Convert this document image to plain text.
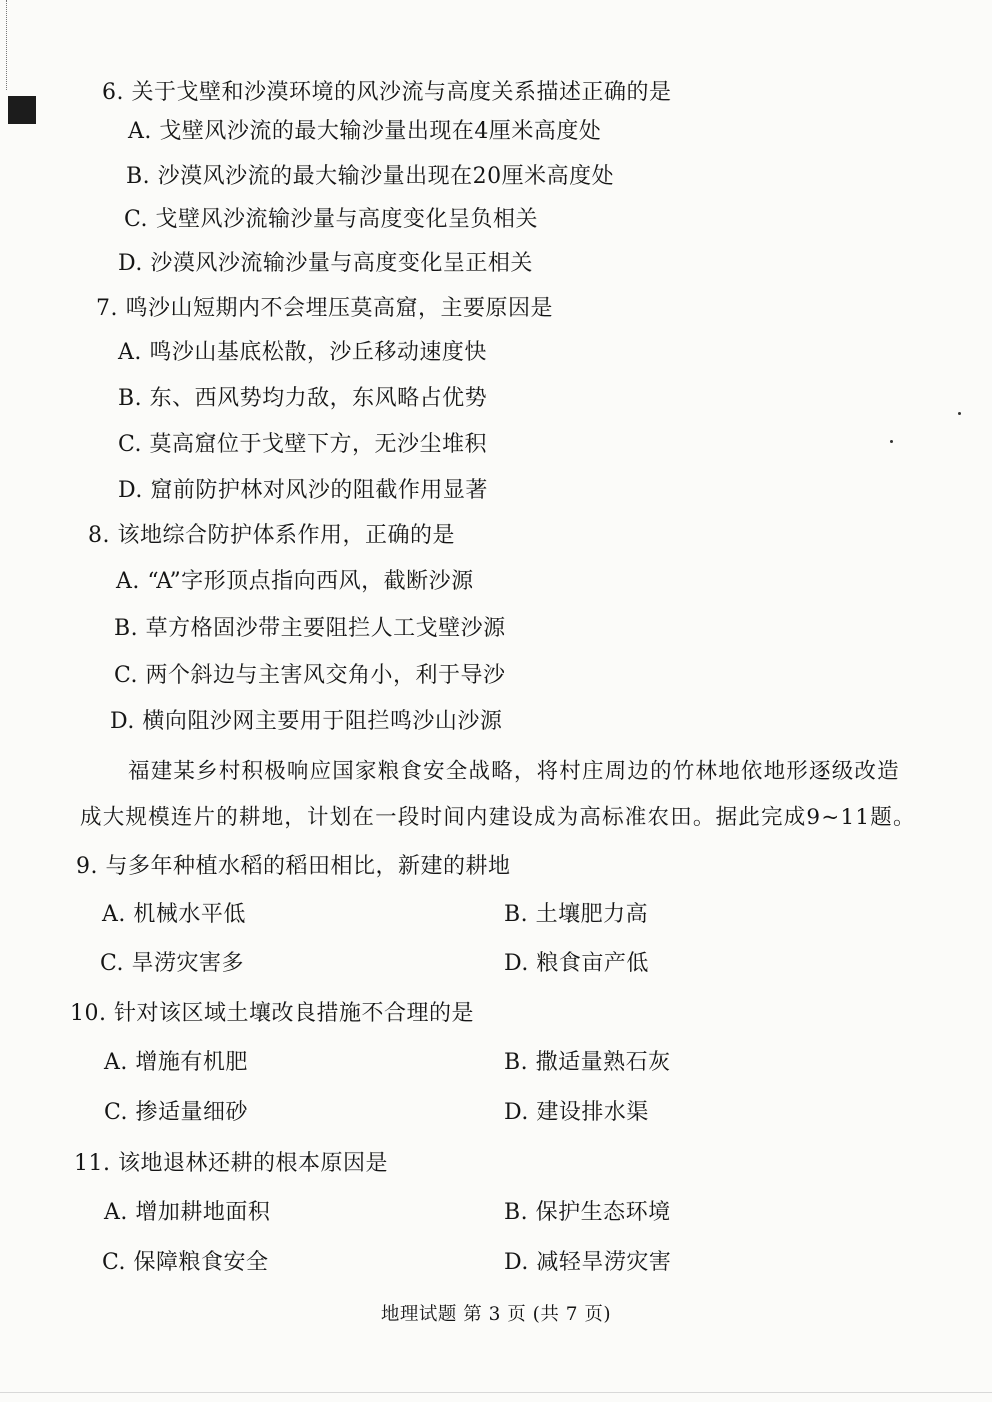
6. 关于戈壁和沙漠环境的风沙流与高度关系描述正确的是
A. 戈壁风沙流的最大输沙量出现在4厘米高度处
B. 沙漠风沙流的最大输沙量出现在20厘米高度处
C. 戈壁风沙流输沙量与高度变化呈负相关
D. 沙漠风沙流输沙量与高度变化呈正相关
7. 鸣沙山短期内不会埋压莫高窟，主要原因是
A. 鸣沙山基底松散，沙丘移动速度快
B. 东、西风势均力敌，东风略占优势
C. 莫高窟位于戈壁下方，无沙尘堆积
D. 窟前防护林对风沙的阻截作用显著
8. 该地综合防护体系作用，正确的是
A. “A”字形顶点指向西风，截断沙源
B. 草方格固沙带主要阻拦人工戈壁沙源
C. 两个斜边与主害风交角小，利于导沙
D. 横向阻沙网主要用于阻拦鸣沙山沙源
福建某乡村积极响应国家粮食安全战略，将村庄周边的竹林地依地形逐级改造
成大规模连片的耕地，计划在一段时间内建设成为高标准农田。据此完成9~11题。
9. 与多年种植水稻的稻田相比，新建的耕地
A. 机械水平低	B. 土壤肥力高
C. 旱涝灾害多	D. 粮食亩产低
10. 针对该区域土壤改良措施不合理的是
A. 增施有机肥	B. 撒适量熟石灰
C. 掺适量细砂	D. 建设排水渠
11. 该地退林还耕的根本原因是
A. 增加耕地面积	B. 保护生态环境
C. 保障粮食安全	D. 减轻旱涝灾害
地理试题 第 3 页 (共 7 页)
